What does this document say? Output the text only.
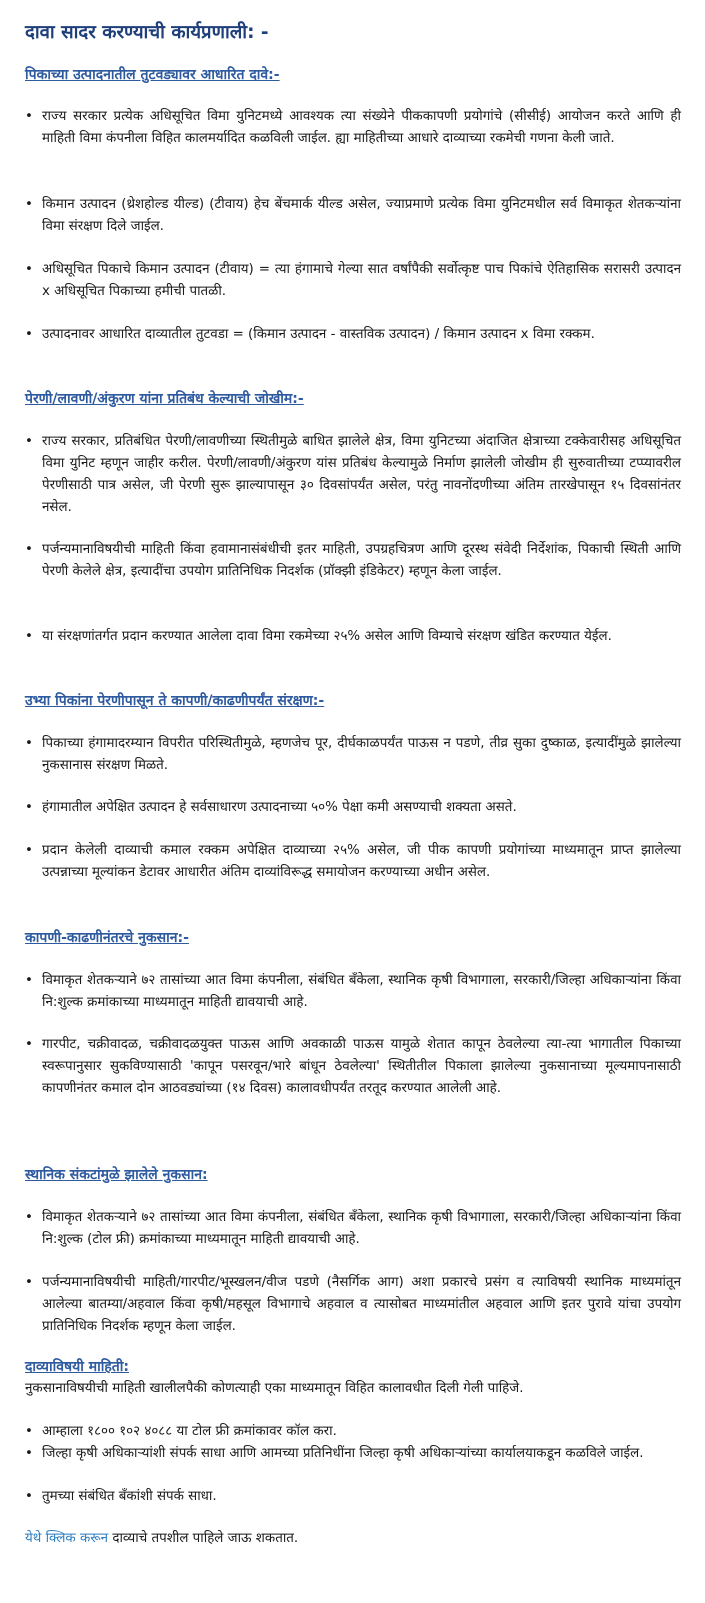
दावा सादर करण्याची कार्यप्रणाली: -
पिकाच्या उत्पादनातील तुटवड्यावर आधारित दावे:-
• राज्य सरकार प्रत्येक अधिसूचित विमा युनिटमध्ये आवश्यक त्या संख्येने पीककापणी प्रयोगांचे (सीसीई) आयोजन करते आणि ही माहिती विमा कंपनीला विहित कालमर्यादित कळविली जाईल. ह्या माहितीच्या आधारे दाव्याच्या रकमेची गणना केली जाते.
• किमान उत्पादन (थ्रेशहोल्ड यील्ड) (टीवाय) हेच बेंचमार्क यील्ड असेल, ज्याप्रमाणे प्रत्येक विमा युनिटमधील सर्व विमाकृत शेतकऱ्यांना विमा संरक्षण दिले जाईल.
• अधिसूचित पिकाचे किमान उत्पादन (टीवाय) = त्या हंगामाचे गेल्या सात वर्षांपैकी सर्वोत्कृष्ट पाच पिकांचे ऐतिहासिक सरासरी उत्पादन x अधिसूचित पिकाच्या हमीची पातळी.
• उत्पादनावर आधारित दाव्यातील तुटवडा = (किमान उत्पादन - वास्तविक उत्पादन) / किमान उत्पादन x विमा रक्कम.
पेरणी/लावणी/अंकुरण यांना प्रतिबंध केल्याची जोखीम:-
• राज्य सरकार, प्रतिबंधित पेरणी/लावणीच्या स्थितीमुळे बाधित झालेले क्षेत्र, विमा युनिटच्या अंदाजित क्षेत्राच्या टक्केवारीसह अधिसूचित विमा युनिट म्हणून जाहीर करील. पेरणी/लावणी/अंकुरण यांस प्रतिबंध केल्यामुळे निर्माण झालेली जोखीम ही सुरुवातीच्या टप्प्यावरील पेरणीसाठी पात्र असेल, जी पेरणी सुरू झाल्यापासून ३० दिवसांपर्यंत असेल, परंतु नावनोंदणीच्या अंतिम तारखेपासून १५ दिवसांनंतर नसेल.
• पर्जन्यमानाविषयीची माहिती किंवा हवामानासंबंधीची इतर माहिती, उपग्रहचित्रण आणि दूरस्थ संवेदी निर्देशांक, पिकाची स्थिती आणि पेरणी केलेले क्षेत्र, इत्यादींचा उपयोग प्रातिनिधिक निदर्शक (प्रॉक्झी इंडिकेटर) म्हणून केला जाईल.
• या संरक्षणांतर्गत प्रदान करण्यात आलेला दावा विमा रकमेच्या २५% असेल आणि विम्याचे संरक्षण खंडित करण्यात येईल.
उभ्या पिकांना पेरणीपासून ते कापणी/काढणीपर्यंत संरक्षण:-
• पिकाच्या हंगामादरम्यान विपरीत परिस्थितीमुळे, म्हणजेच पूर, दीर्घकाळपर्यंत पाऊस न पडणे, तीव्र सुका दुष्काळ, इत्यादींमुळे झालेल्या नुकसानास संरक्षण मिळते.
• हंगामातील अपेक्षित उत्पादन हे सर्वसाधारण उत्पादनाच्या ५०% पेक्षा कमी असण्याची शक्यता असते.
• प्रदान केलेली दाव्याची कमाल रक्कम अपेक्षित दाव्याच्या २५% असेल, जी पीक कापणी प्रयोगांच्या माध्यमातून प्राप्त झालेल्या उत्पन्नाच्या मूल्यांकन डेटावर आधारीत अंतिम दाव्यांविरूद्ध समायोजन करण्याच्या अधीन असेल.
कापणी-काढणीनंतरचे नुकसान:-
• विमाकृत शेतकऱ्याने ७२ तासांच्या आत विमा कंपनीला, संबंधित बँकेला, स्थानिक कृषी विभागाला, सरकारी/जिल्हा अधिकाऱ्यांना किंवा नि:शुल्क क्रमांकाच्या माध्यमातून माहिती द्यावयाची आहे.
• गारपीट, चक्रीवादळ, चक्रीवादळयुक्त पाऊस आणि अवकाळी पाऊस यामुळे शेतात कापून ठेवलेल्या त्या-त्या भागातील पिकाच्या स्वरूपानुसार सुकविण्यासाठी 'कापून पसरवून/भारे बांधून ठेवलेल्या' स्थितीतील पिकाला झालेल्या नुकसानाच्या मूल्यमापनासाठी कापणीनंतर कमाल दोन आठवड्यांच्या (१४ दिवस) कालावधीपर्यंत तरतूद करण्यात आलेली आहे.
स्थानिक संकटांमुळे झालेले नुकसान:
• विमाकृत शेतकऱ्याने ७२ तासांच्या आत विमा कंपनीला, संबंधित बँकेला, स्थानिक कृषी विभागाला, सरकारी/जिल्हा अधिकाऱ्यांना किंवा नि:शुल्क (टोल फ्री) क्रमांकाच्या माध्यमातून माहिती द्यावयाची आहे.
• पर्जन्यमानाविषयीची माहिती/गारपीट/भूस्खलन/वीज पडणे (नैसर्गिक आग) अशा प्रकारचे प्रसंग व त्याविषयी स्थानिक माध्यमांतून आलेल्या बातम्या/अहवाल किंवा कृषी/महसूल विभागाचे अहवाल व त्यासोबत माध्यमांतील अहवाल आणि इतर पुरावे यांचा उपयोग प्रातिनिधिक निदर्शक म्हणून केला जाईल.
दाव्याविषयी माहिती:
नुकसानाविषयीची माहिती खालीलपैकी कोणत्याही एका माध्यमातून विहित कालावधीत दिली गेली पाहिजे.
• आम्हाला १८०० १०२ ४०८८ या टोल फ्री क्रमांकावर कॉल करा.
• जिल्हा कृषी अधिकाऱ्यांशी संपर्क साधा आणि आमच्या प्रतिनिधींना जिल्हा कृषी अधिकाऱ्यांच्या कार्यालयाकडून कळविले जाईल.
• तुमच्या संबंधित बँकांशी संपर्क साधा.
येथे क्लिक करून दाव्याचे तपशील पाहिले जाऊ शकतात.
